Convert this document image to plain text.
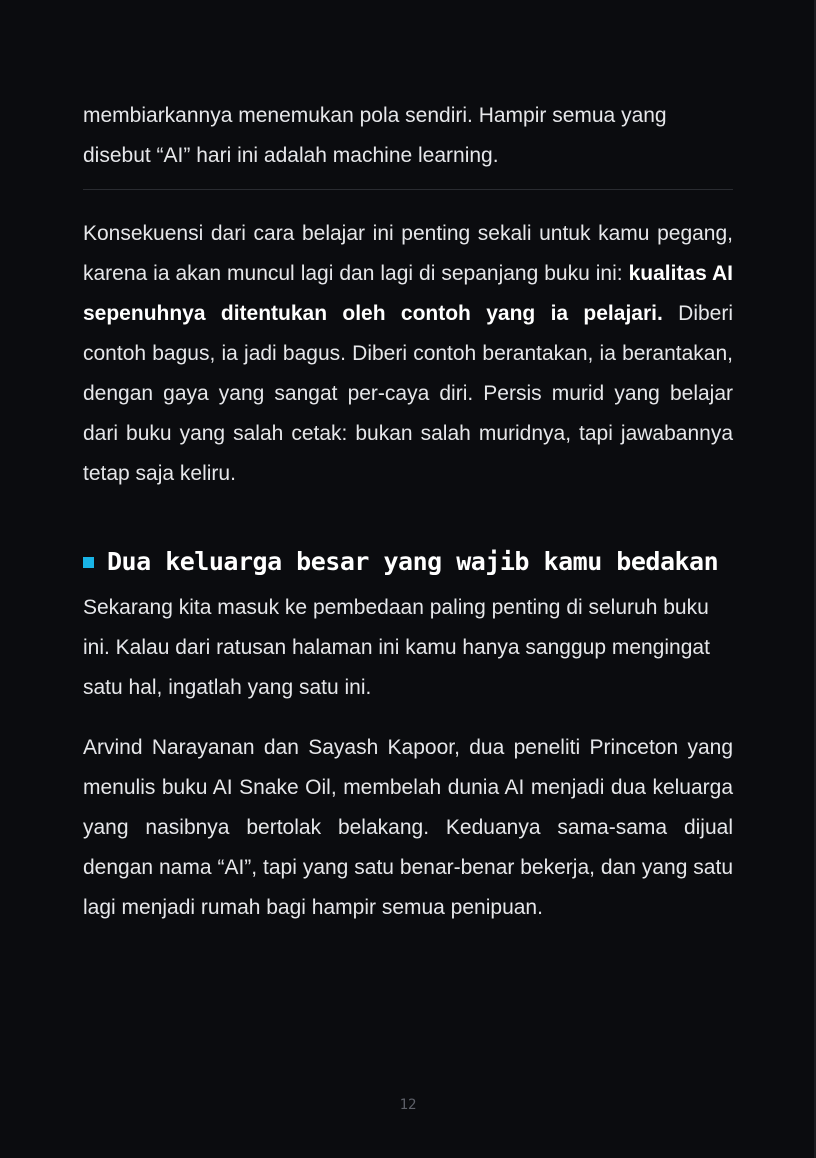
membiarkannya menemukan pola sendiri. Hampir semua yang disebut “AI” hari ini adalah machine learning.

Konsekuensi dari cara belajar ini penting sekali untuk kamu pegang, karena ia akan muncul lagi dan lagi di sepanjang buku ini: kualitas AI sepenuhnya ditentukan oleh contoh yang ia pelajari. Diberi contoh bagus, ia jadi bagus. Diberi contoh berantakan, ia berantakan, dengan gaya yang sangat per-caya diri. Persis murid yang belajar dari buku yang salah cetak: bukan salah muridnya, tapi jawabannya tetap saja keliru.

Dua keluarga besar yang wajib kamu bedakan

Sekarang kita masuk ke pembedaan paling penting di seluruh buku ini. Kalau dari ratusan halaman ini kamu hanya sanggup mengingat satu hal, ingatlah yang satu ini.

Arvind Narayanan dan Sayash Kapoor, dua peneliti Princeton yang menulis buku AI Snake Oil, membelah dunia AI menjadi dua keluarga yang nasibnya bertolak belakang. Keduanya sama-sama dijual dengan nama “AI”, tapi yang satu benar-benar bekerja, dan yang satu lagi menjadi rumah bagi hampir semua penipuan.

12
